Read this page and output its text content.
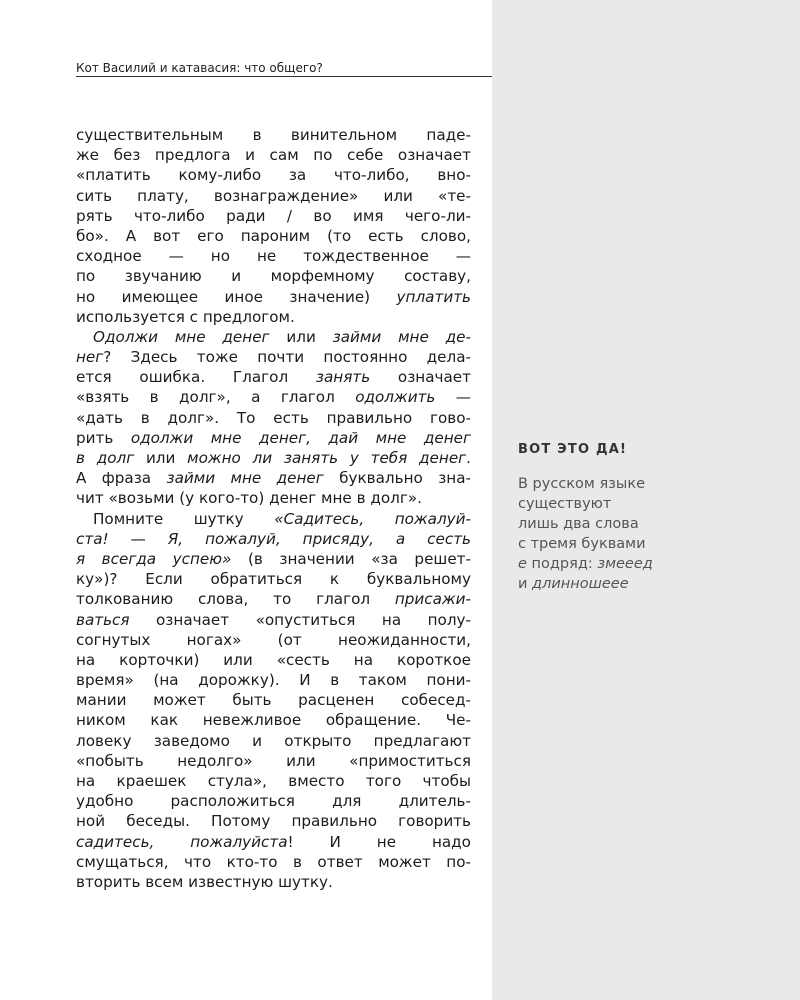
Кот Василий и катавасия: что общего?
существительным в винительном паде-
же без предлога и сам по себе означает
«платить кому-либо за что-либо, вно-
сить плату, вознаграждение» или «те-
рять что-либо ради / во имя чего-ли-
бо». А вот его пароним (то есть слово,
сходное — но не тождественное —
по звучанию и морфемному составу,
но имеющее иное значение) уплатить
используется с предлогом.
Одолжи мне денег или займи мне де-
нег? Здесь тоже почти постоянно дела-
ется ошибка. Глагол занять означает
«взять в долг», а глагол одолжить —
«дать в долг». То есть правильно гово-
рить одолжи мне денег, дай мне денег
в долг или можно ли занять у тебя денег.
А фраза займи мне денег буквально зна-
чит «возьми (у кого-то) денег мне в долг».
Помните шутку «Садитесь, пожалуй-
ста! — Я, пожалуй, присяду, а сесть
я всегда успею» (в значении «за решет-
ку»)? Если обратиться к буквальному
толкованию слова, то глагол присажи-
ваться означает «опуститься на полу-
согнутых ногах» (от неожиданности,
на корточки) или «сесть на короткое
время» (на дорожку). И в таком пони-
мании может быть расценен собесед-
ником как невежливое обращение. Че-
ловеку заведомо и открыто предлагают
«побыть недолго» или «примоститься
на краешек стула», вместо того чтобы
удобно расположиться для длитель-
ной беседы. Потому правильно говорить
садитесь, пожалуйста! И не надо
смущаться, что кто-то в ответ может по-
вторить всем известную шутку.
ВОТ ЭТО ДА!
В русском языке
существуют
лишь два слова
с тремя буквами
е подряд: змееед
и длинношеее
